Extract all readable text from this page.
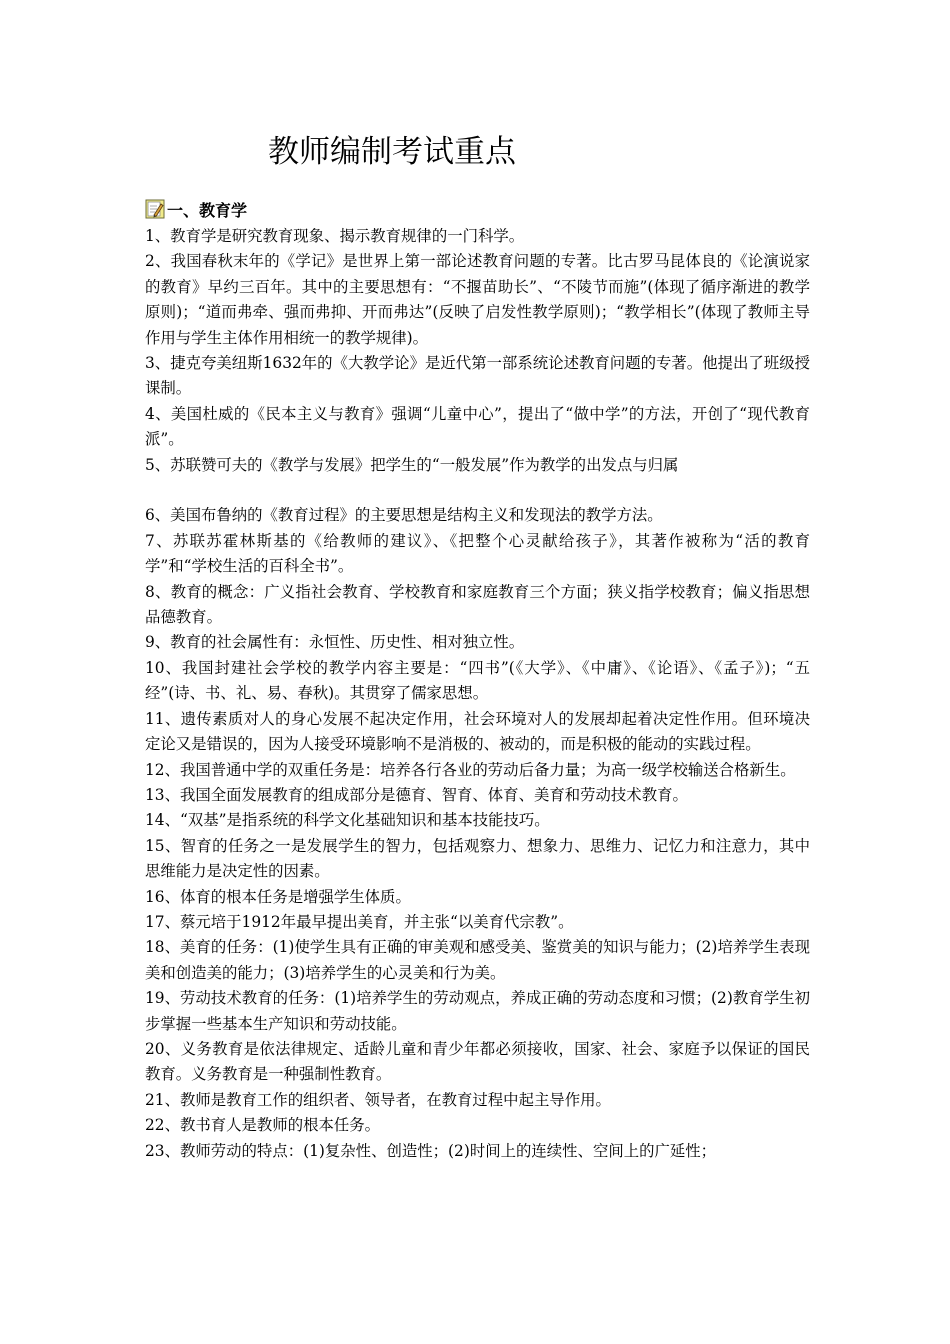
教师编制考试重点
一、教育学

1、教育学是研究教育现象、揭示教育规律的一门科学。

2、我国春秋末年的《学记》是世界上第一部论述教育问题的专著。比古罗马昆体良的《论演说家的教育》早约三百年。其中的主要思想有：“不揠苗助长”、“不陵节而施”(体现了循序渐进的教学原则)；“道而弗牵、强而弗抑、开而弗达”(反映了启发性教学原则)；“教学相长”(体现了教师主导作用与学生主体作用相统一的教学规律)。

3、捷克夸美纽斯1632年的《大教学论》是近代第一部系统论述教育问题的专著。他提出了班级授课制。

4、美国杜威的《民本主义与教育》强调“儿童中心”，提出了“做中学”的方法，开创了“现代教育派”。

5、苏联赞可夫的《教学与发展》把学生的“一般发展”作为教学的出发点与归属

6、美国布鲁纳的《教育过程》的主要思想是结构主义和发现法的教学方法。

7、苏联苏霍林斯基的《给教师的建议》、《把整个心灵献给孩子》，其著作被称为“活的教育学”和“学校生活的百科全书”。

8、教育的概念：广义指社会教育、学校教育和家庭教育三个方面；狭义指学校教育；偏义指思想品德教育。

9、教育的社会属性有：永恒性、历史性、相对独立性。

10、我国封建社会学校的教学内容主要是：“四书”(《大学》、《中庸》、《论语》、《孟子》)；“五经”(诗、书、礼、易、春秋)。其贯穿了儒家思想。

11、遗传素质对人的身心发展不起决定作用，社会环境对人的发展却起着决定性作用。但环境决定论又是错误的，因为人接受环境影响不是消极的、被动的，而是积极的能动的实践过程。

12、我国普通中学的双重任务是：培养各行各业的劳动后备力量；为高一级学校输送合格新生。

13、我国全面发展教育的组成部分是德育、智育、体育、美育和劳动技术教育。

14、“双基”是指系统的科学文化基础知识和基本技能技巧。

15、智育的任务之一是发展学生的智力，包括观察力、想象力、思维力、记忆力和注意力，其中思维能力是决定性的因素。

16、体育的根本任务是增强学生体质。

17、蔡元培于1912年最早提出美育，并主张“以美育代宗教”。

18、美育的任务：(1)使学生具有正确的审美观和感受美、鉴赏美的知识与能力；(2)培养学生表现美和创造美的能力；(3)培养学生的心灵美和行为美。

19、劳动技术教育的任务：(1)培养学生的劳动观点，养成正确的劳动态度和习惯；(2)教育学生初步掌握一些基本生产知识和劳动技能。

20、义务教育是依法律规定、适龄儿童和青少年都必须接收，国家、社会、家庭予以保证的国民教育。义务教育是一种强制性教育。

21、教师是教育工作的组织者、领导者，在教育过程中起主导作用。

22、教书育人是教师的根本任务。

23、教师劳动的特点：(1)复杂性、创造性；(2)时间上的连续性、空间上的广延性；
